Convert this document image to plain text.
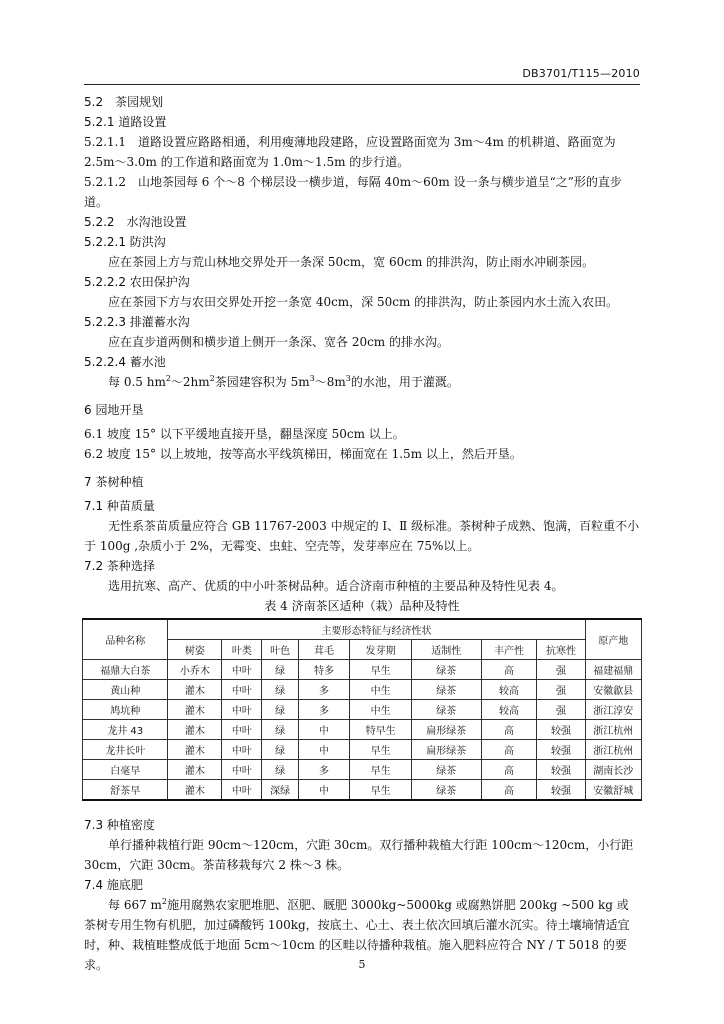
DB3701/T115—2010
5.2　茶园规划
5.2.1 道路设置
5.2.1.1　道路设置应路路相通，利用瘦薄地段建路，应设置路面宽为 3m～4m 的机耕道、路面宽为 2.5m～3.0m 的工作道和路面宽为 1.0m～1.5m 的步行道。
5.2.1.2　山地茶园每 6 个～8 个梯层设一横步道，每隔 40m～60m 设一条与横步道呈“之”形的直步道。
5.2.2　水沟池设置
5.2.2.1 防洪沟
应在茶园上方与荒山林地交界处开一条深 50cm，宽 60cm 的排洪沟，防止雨水冲刷茶园。
5.2.2.2 农田保护沟
应在茶园下方与农田交界处开挖一条宽 40cm，深 50cm 的排洪沟，防止茶园内水土流入农田。
5.2.2.3 排灌蓄水沟
应在直步道两侧和横步道上侧开一条深、宽各 20cm 的排水沟。
5.2.2.4 蓄水池
每 0.5 $hm^2\sim 2hm^2$茶园建容积为 $5m^3\sim 8m^3$的水池，用于灌溉。
6 园地开垦
6.1 坡度 15° 以下平缓地直接开垦，翻垦深度 50cm 以上。
6.2 坡度 15° 以上坡地，按等高水平线筑梯田，梯面宽在 1.5m 以上，然后开垦。
7 茶树种植
7.1 种苗质量
无性系茶苗质量应符合 GB 11767-2003 中规定的 Ⅰ、Ⅱ 级标准。茶树种子成熟、饱满，百粒重不小于 100g ,杂质小于 2%，无霉变、虫蛀、空壳等，发芽率应在 75%以上。
7.2 茶种选择
选用抗寒、高产、优质的中小叶茶树品种。适合济南市种植的主要品种及特性见表 4。
表 4 济南茶区适种（栽）品种及特性
品种名称	主要形态特征与经济性状								原产地
	树姿	叶类	叶色	茸毛	发芽期	适制性	丰产性	抗寒性	
福鼎大白茶	小乔木	中叶	绿	特多	早生	绿茶	高	强	福建福鼎
黄山种	灌木	中叶	绿	多	中生	绿茶	较高	强	安徽歙县
鸠坑种	灌木	中叶	绿	多	中生	绿茶	较高	强	浙江淳安
龙井 43	灌木	中叶	绿	中	特早生	扁形绿茶	高	较强	浙江杭州
龙井长叶	灌木	中叶	绿	中	早生	扁形绿茶	高	较强	浙江杭州
白毫早	灌木	中叶	绿	多	早生	绿茶	高	较强	湖南长沙
舒茶早	灌木	中叶	深绿	中	早生	绿茶	高	较强	安徽舒城
7.3 种植密度
单行播种栽植行距 90cm～120cm，穴距 30cm。双行播种栽植大行距 100cm～120cm，小行距 30cm，穴距 30cm。茶苗移栽每穴 2 株～3 株。
7.4 施底肥
每 667 $m^2$施用腐熟农家肥堆肥、沤肥、厩肥 3000kg~5000kg 或腐熟饼肥 200kg ~500 kg 或茶树专用生物有机肥，加过磷酸钙 100kg，按底土、心土、表土依次回填后灌水沉实。待土壤墒情适宜时，种、栽植畦整成低于地面 5cm～10cm 的区畦以待播种栽植。施入肥料应符合 NY / T 5018 的要求。	5
